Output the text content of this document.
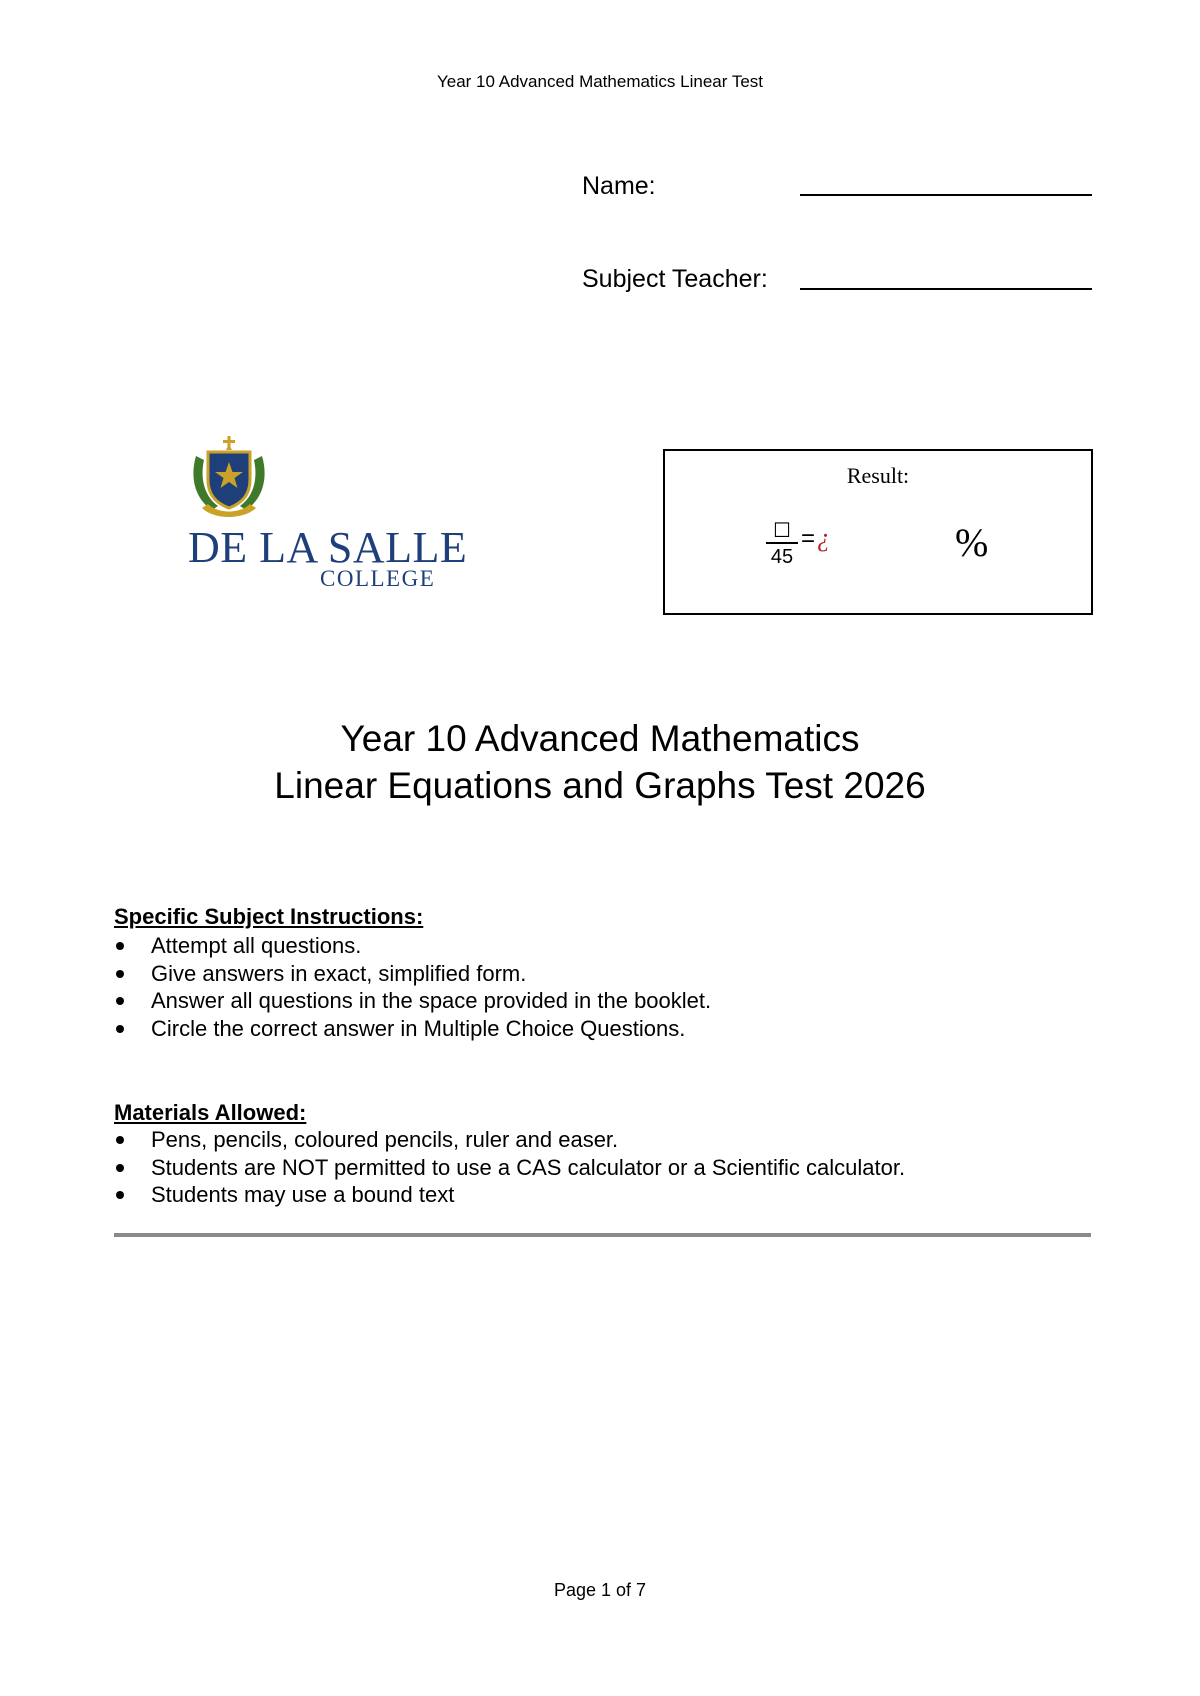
Year 10 Advanced Mathematics Linear Test
Name:
Subject Teacher:
DE LA SALLE
COLLEGE
Result:
☐
45
= ¿	%
Year 10 Advanced Mathematics
Linear Equations and Graphs Test 2026
Specific Subject Instructions:
Attempt all questions.
Give answers in exact, simplified form.
Answer all questions in the space provided in the booklet.
Circle the correct answer in Multiple Choice Questions.
Materials Allowed:
Pens, pencils, coloured pencils, ruler and easer.
Students are NOT permitted to use a CAS calculator or a Scientific calculator.
Students may use a bound text
Page 1 of 7
